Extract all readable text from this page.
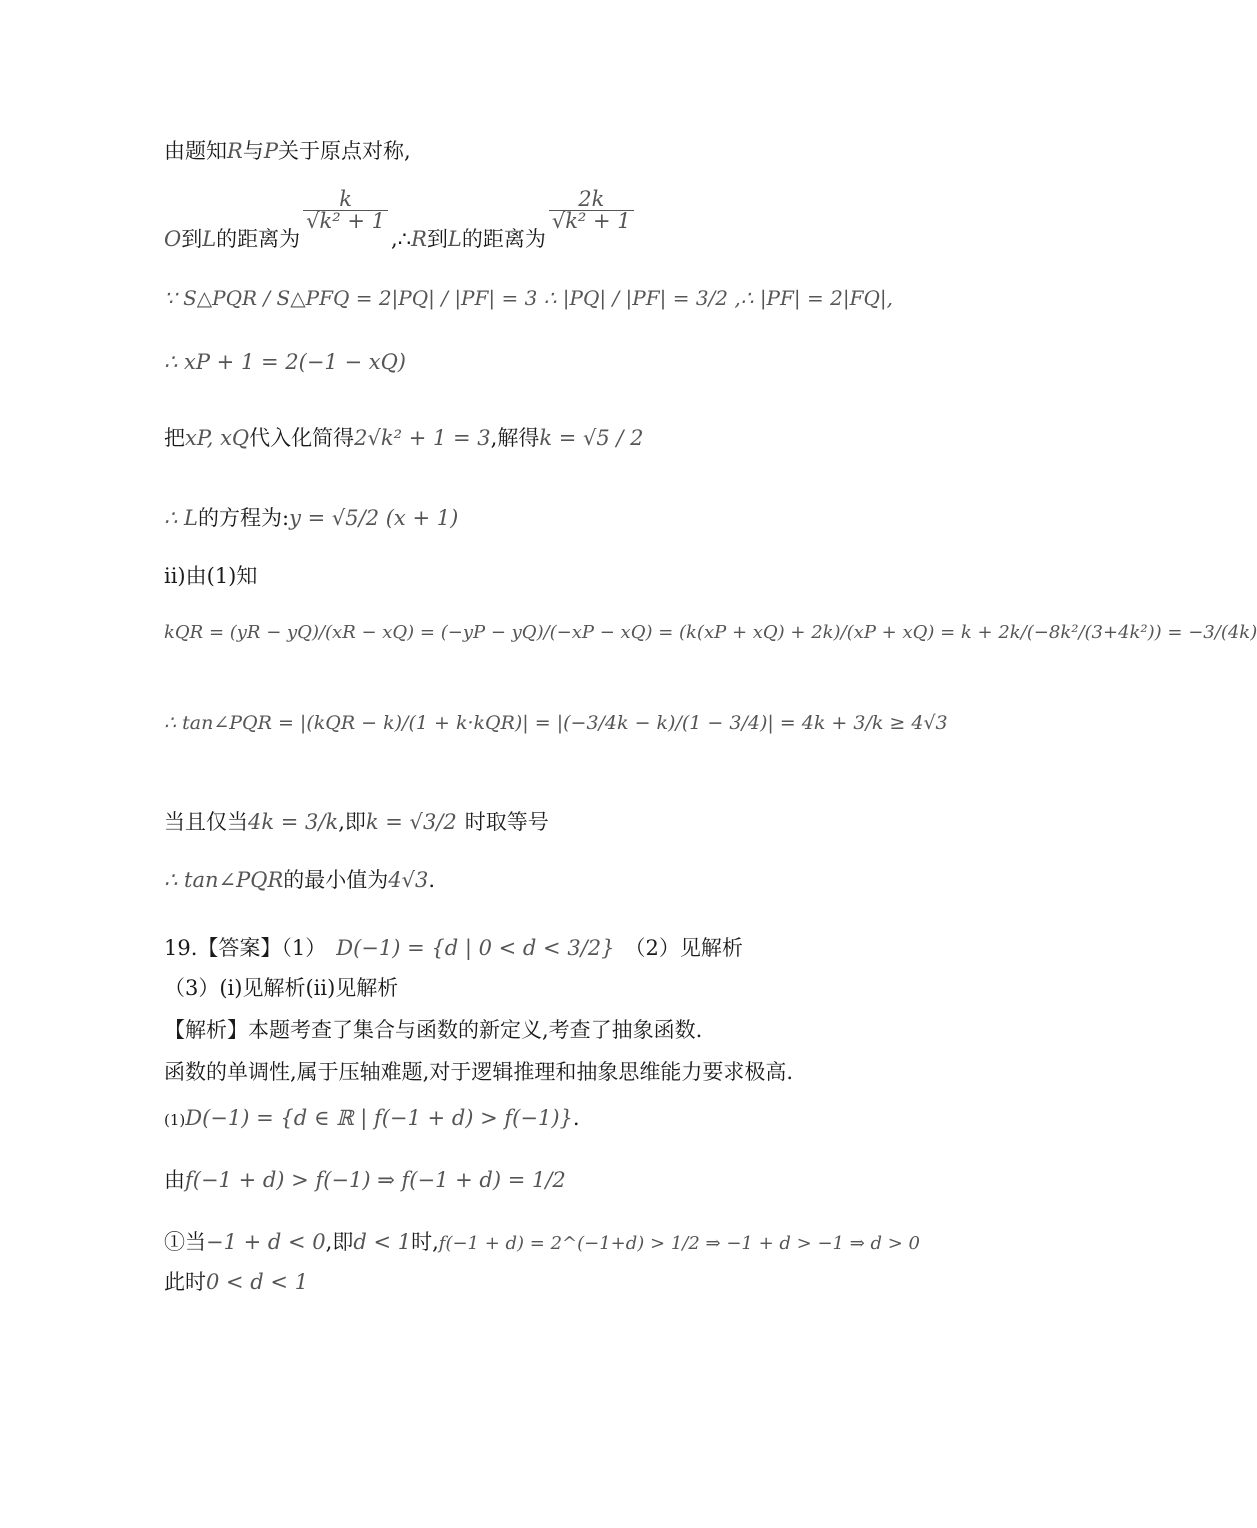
由题知R与P关于原点对称,
O到L的距离为
$\frac{k}{\text{√k² + 1}}$
,∴R到L的距离为
$\frac{2k}{\text{√k² + 1}}$
∵ S△PQR / S△PFQ = 2|PQ| / |PF| = 3 ∴ |PQ| / |PF| = 3/2 ,∴ |PF| = 2|FQ|,
∴ xP + 1 = 2(−1 − xQ)
把xP, xQ代入化简得2√k² + 1 = 3,解得k = √5 / 2
∴ L的方程为:y = √5/2 (x + 1)
ii)由(1)知
kQR = (yR − yQ)/(xR − xQ) = (−yP − yQ)/(−xP − xQ) = (k(xP + xQ) + 2k)/(xP + xQ) = k + 2k/(−8k²/(3+4k²)) = −3/(4k)
∴ tan∠PQR = |(kQR − k)/(1 + k·kQR)| = |(−3/4k − k)/(1 − 3/4)| = 4k + 3/k ≥ 4√3
当且仅当4k = 3/k,即k = √3/2 时取等号
∴ tan∠PQR的最小值为4√3.
19.【答案】（1） D(−1) = {d | 0 < d < 3/2} （2）见解析
（3）(ⅰ)见解析(ⅱ)见解析
【解析】本题考查了集合与函数的新定义,考查了抽象函数.
函数的单调性,属于压轴难题,对于逻辑推理和抽象思维能力要求极高.
(1)D(−1) = {d ∈ ℝ | f(−1 + d) > f(−1)}.
由f(−1 + d) > f(−1) ⇒ f(−1 + d) = 1/2
①当−1 + d < 0,即d < 1时,f(−1 + d) = 2^(−1+d) > 1/2 ⇒ −1 + d > −1 ⇒ d > 0
此时0 < d < 1
